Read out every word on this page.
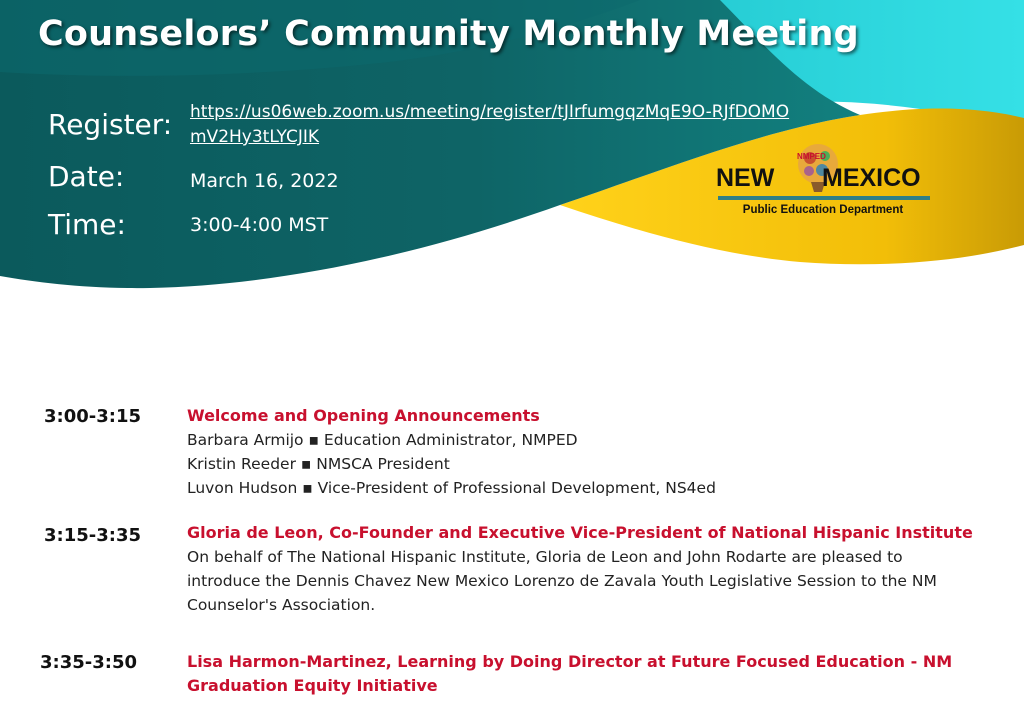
Counselors’ Community Monthly Meeting
Register: https://us06web.zoom.us/meeting/register/tJIrfumgqzMqE9O-RJfDOMOmV2Hy3tLYCJIK
Date:	March 16, 2022
Time:	3:00-4:00 MST
NMPED
NEW MEXICO
Public Education Department
3:00-3:15	Welcome and Opening Announcements
Barbara Armijo ▪ Education Administrator, NMPED
Kristin Reeder ▪ NMSCA President
Luvon Hudson ▪ Vice-President of Professional Development, NS4ed
3:15-3:35	Gloria de Leon, Co-Founder and Executive Vice-President of National Hispanic Institute
On behalf of The National Hispanic Institute, Gloria de Leon and John Rodarte are pleased to introduce the Dennis Chavez New Mexico Lorenzo de Zavala Youth Legislative Session to the NM Counselor's Association.
3:35-3:50	Lisa Harmon-Martinez, Learning by Doing Director at Future Focused Education - NM Graduation Equity Initiative
